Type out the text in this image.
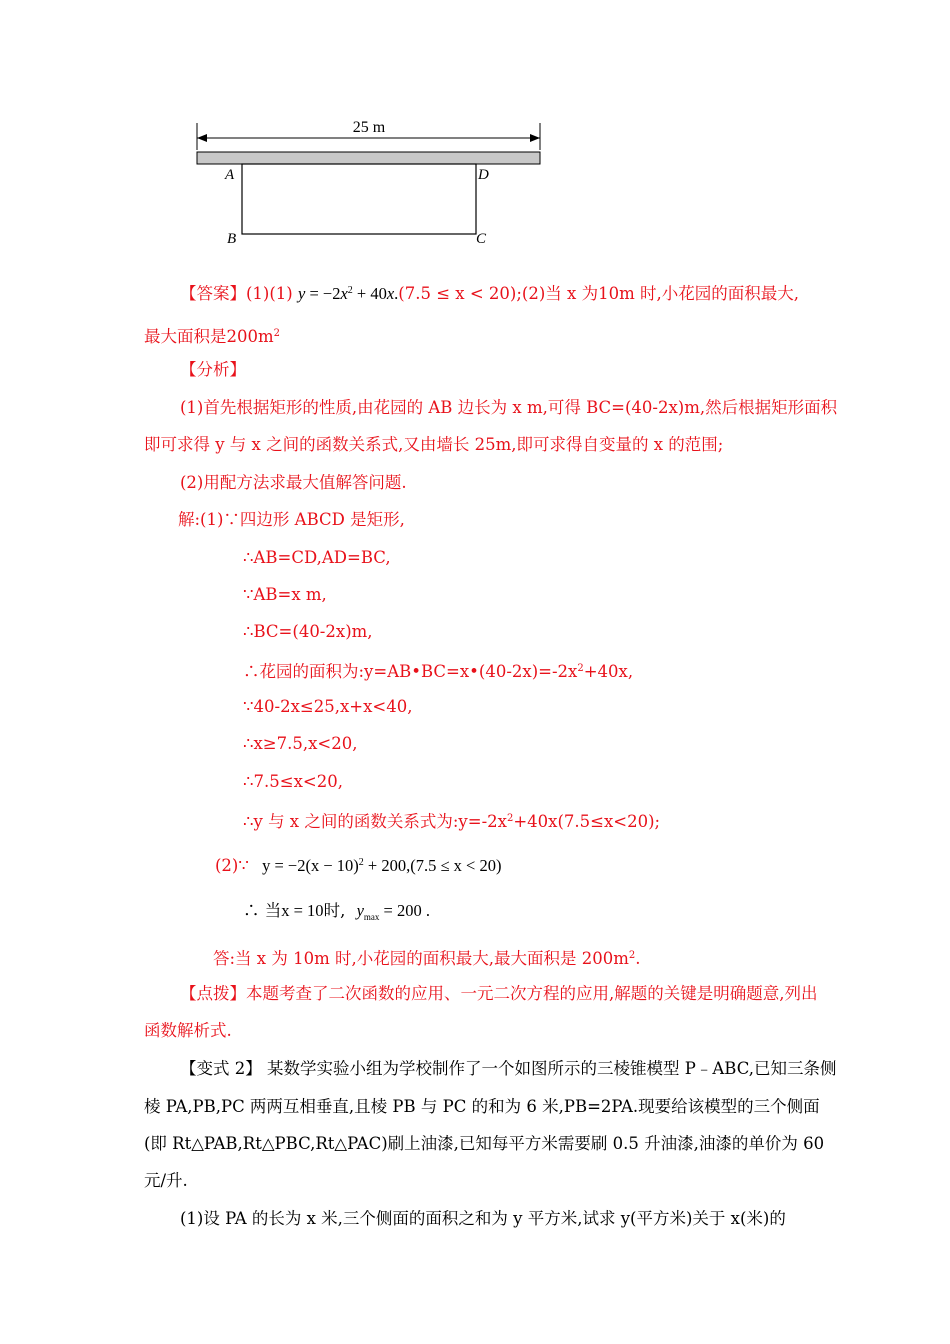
25 m
A	D
B	C
【答案】(1)(1) $y = -2x^2 + 40x.(7.5 \le x$ < 20);(2)当 x 为10m 时,小花园的面积最大,
最大面积是$200m^2$
【分析】
(1)首先根据矩形的性质,由花园的 AB 边长为 x m,可得 BC=(40-2x)m,然后根据矩形面积
即可求得 y 与 x 之间的函数关系式,又由墙长 25m,即可求得自变量的 x 的范围;
(2)用配方法求最大值解答问题.
解:(1)∵四边形 ABCD 是矩形,
∴AB=CD,AD=BC,
∵AB=x m,
∴BC=(40-2x)m,
∴花园的面积为$:y=AB•BC=x•(40-2x)=-2x^2+40x$,
∵40-2x≤25,x+x<40,
∴x≥7.5,x<20,
∴7.5≤x<20,
∴y 与 x 之间的函数关系式为$:y=-2x^2+40x(7.5\le x<20)$;
(2)∵ $y = -2(x - 10)^2 + 200,(7.5 \le x < 20)$
∴ 当x = 10时, $y_{max} = 200$ .
答:当 x 为 10m 时,小花园的面积最大,最大面积是 $200m^2$.
【点拨】本题考查了二次函数的应用、一元二次方程的应用,解题的关键是明确题意,列出
函数解析式.
【变式 2】 某数学实验小组为学校制作了一个如图所示的三棱锥模型 P﹣ABC,已知三条侧
棱 PA,PB,PC 两两互相垂直,且棱 PB 与 PC 的和为 6 米,PB=2PA.现要给该模型的三个侧面
(即 Rt△PAB,Rt△PBC,Rt△PAC)刷上油漆,已知每平方米需要刷 0.5 升油漆,油漆的单价为 60
元/升.
(1)设 PA 的长为 x 米,三个侧面的面积之和为 y 平方米,试求 y(平方米)关于 x(米)的
